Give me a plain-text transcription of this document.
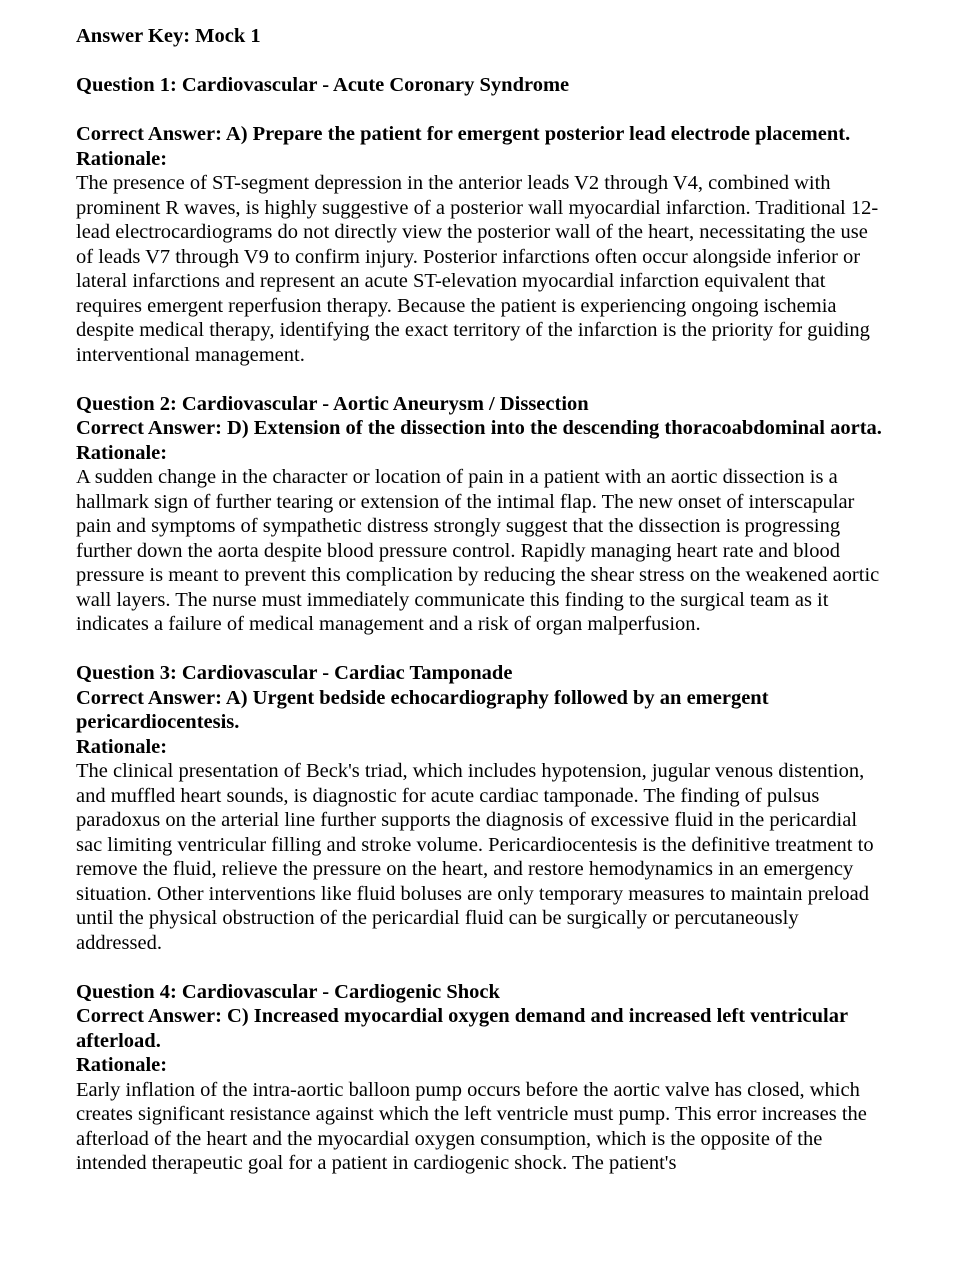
Answer Key: Mock 1
Question 1: Cardiovascular - Acute Coronary Syndrome
Correct Answer: A) Prepare the patient for emergent posterior lead electrode placement.
Rationale:
The presence of ST-segment depression in the anterior leads V2 through V4, combined with prominent R waves, is highly suggestive of a posterior wall myocardial infarction. Traditional 12-lead electrocardiograms do not directly view the posterior wall of the heart, necessitating the use of leads V7 through V9 to confirm injury. Posterior infarctions often occur alongside inferior or lateral infarctions and represent an acute ST-elevation myocardial infarction equivalent that requires emergent reperfusion therapy. Because the patient is experiencing ongoing ischemia despite medical therapy, identifying the exact territory of the infarction is the priority for guiding interventional management.
Question 2: Cardiovascular - Aortic Aneurysm / Dissection
Correct Answer: D) Extension of the dissection into the descending thoracoabdominal aorta.
Rationale:
A sudden change in the character or location of pain in a patient with an aortic dissection is a hallmark sign of further tearing or extension of the intimal flap. The new onset of interscapular pain and symptoms of sympathetic distress strongly suggest that the dissection is progressing further down the aorta despite blood pressure control. Rapidly managing heart rate and blood pressure is meant to prevent this complication by reducing the shear stress on the weakened aortic wall layers. The nurse must immediately communicate this finding to the surgical team as it indicates a failure of medical management and a risk of organ malperfusion.
Question 3: Cardiovascular - Cardiac Tamponade
Correct Answer: A) Urgent bedside echocardiography followed by an emergent pericardiocentesis.
Rationale:
The clinical presentation of Beck's triad, which includes hypotension, jugular venous distention, and muffled heart sounds, is diagnostic for acute cardiac tamponade. The finding of pulsus paradoxus on the arterial line further supports the diagnosis of excessive fluid in the pericardial sac limiting ventricular filling and stroke volume. Pericardiocentesis is the definitive treatment to remove the fluid, relieve the pressure on the heart, and restore hemodynamics in an emergency situation. Other interventions like fluid boluses are only temporary measures to maintain preload until the physical obstruction of the pericardial fluid can be surgically or percutaneously addressed.
Question 4: Cardiovascular - Cardiogenic Shock
Correct Answer: C) Increased myocardial oxygen demand and increased left ventricular afterload.
Rationale:
Early inflation of the intra-aortic balloon pump occurs before the aortic valve has closed, which creates significant resistance against which the left ventricle must pump. This error increases the afterload of the heart and the myocardial oxygen consumption, which is the opposite of the intended therapeutic goal for a patient in cardiogenic shock. The patient's
